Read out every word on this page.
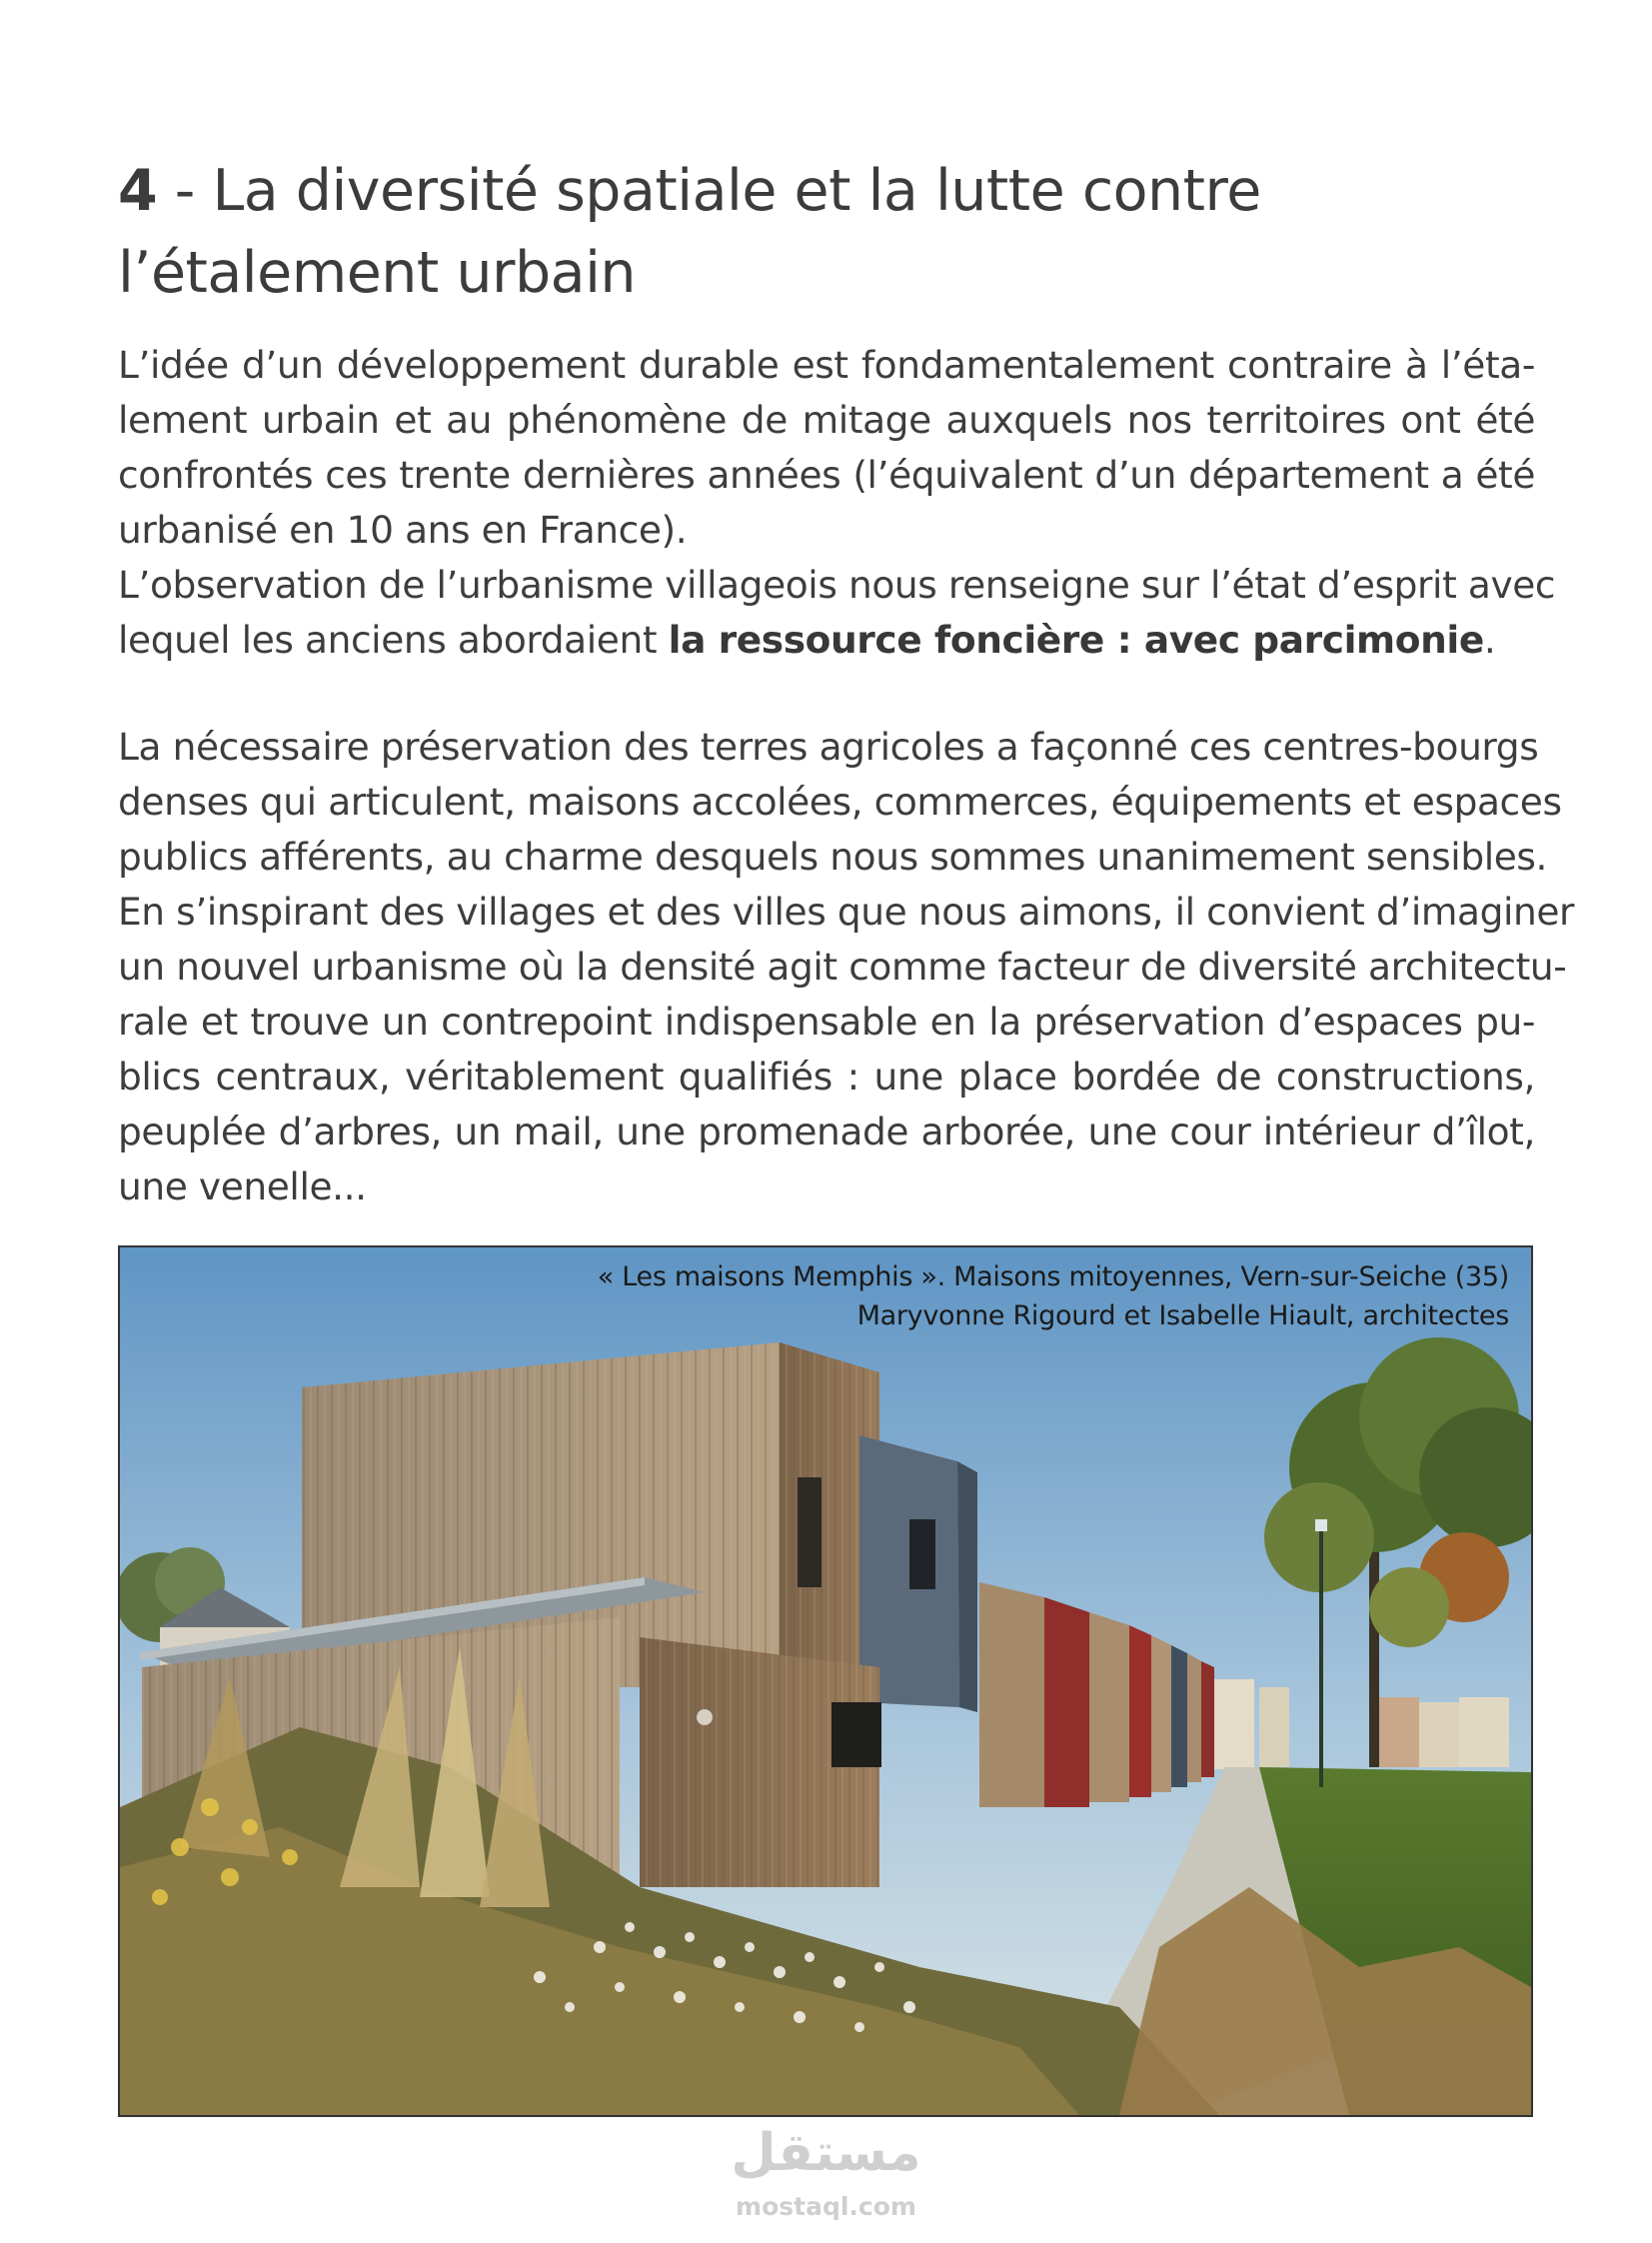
4 - La diversité spatiale et la lutte contre l’étalement urbain
L’idée d’un développement durable est fondamentalement contraire à l’éta-
lement urbain et au phénomène de mitage auxquels nos territoires ont été
confrontés ces trente dernières années (l’équivalent d’un département a été
urbanisé en 10 ans en France).
L’observation de l’urbanisme villageois nous renseigne sur l’état d’esprit avec
lequel les anciens abordaient la ressource foncière : avec parcimonie.
La nécessaire préservation des terres agricoles a façonné ces centres-bourgs
denses qui articulent, maisons accolées, commerces, équipements et espaces
publics afférents, au charme desquels nous sommes unanimement sensibles.
En s’inspirant des villages et des villes que nous aimons, il convient d’imaginer
un nouvel urbanisme où la densité agit comme facteur de diversité architectu-
rale et trouve un contrepoint indispensable en la préservation d’espaces pu-
blics centraux, véritablement qualifiés : une place bordée de constructions,
peuplée d’arbres, un mail, une promenade arborée, une cour intérieur d’îlot,
une venelle...
« Les maisons Memphis ». Maisons mitoyennes, Vern-sur-Seiche (35)
Maryvonne Rigourd et Isabelle Hiault, architectes
مستقل
mostaql.com
